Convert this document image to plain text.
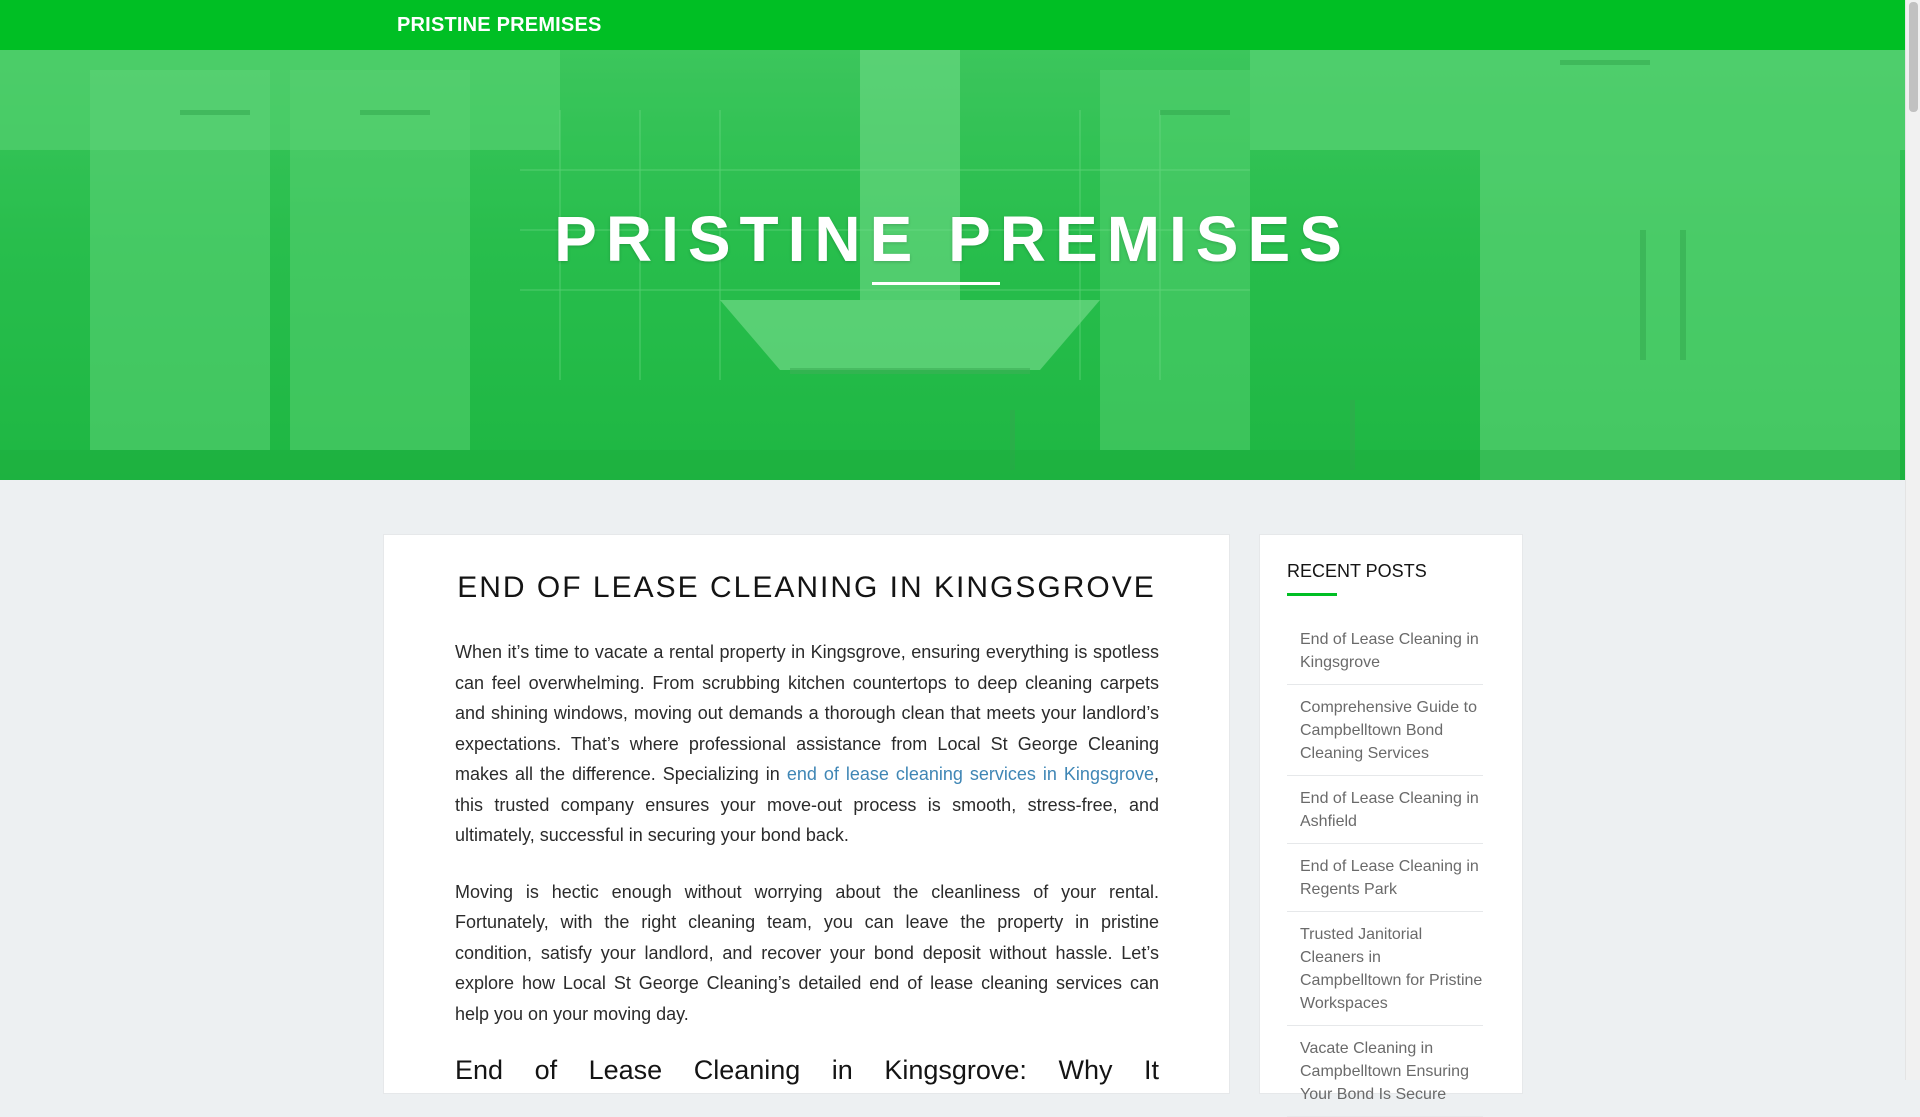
PRISTINE PREMISES
PRISTINE PREMISES
END OF LEASE CLEANING IN KINGSGROVE

When it’s time to vacate a rental property in Kingsgrove, ensuring everything is spotless can feel overwhelming. From scrubbing kitchen countertops to deep cleaning carpets and shining windows, moving out demands a thorough clean that meets your landlord’s expectations. That’s where professional assistance from Local St George Cleaning makes all the difference. Specializing in end of lease cleaning services in Kingsgrove, this trusted company ensures your move-out process is smooth, stress-free, and ultimately, successful in securing your bond back.

Moving is hectic enough without worrying about the cleanliness of your rental. Fortunately, with the right cleaning team, you can leave the property in pristine condition, satisfy your landlord, and recover your bond deposit without hassle. Let’s explore how Local St George Cleaning’s detailed end of lease cleaning services can help you on your moving day.

End of Lease Cleaning in Kingsgrove: Why It
RECENT POSTS
End of Lease Cleaning in Kingsgrove
Comprehensive Guide to Campbelltown Bond Cleaning Services
End of Lease Cleaning in Ashfield
End of Lease Cleaning in Regents Park
Trusted Janitorial Cleaners in Campbelltown for Pristine Workspaces
Vacate Cleaning in Campbelltown Ensuring Your Bond Is Secure
